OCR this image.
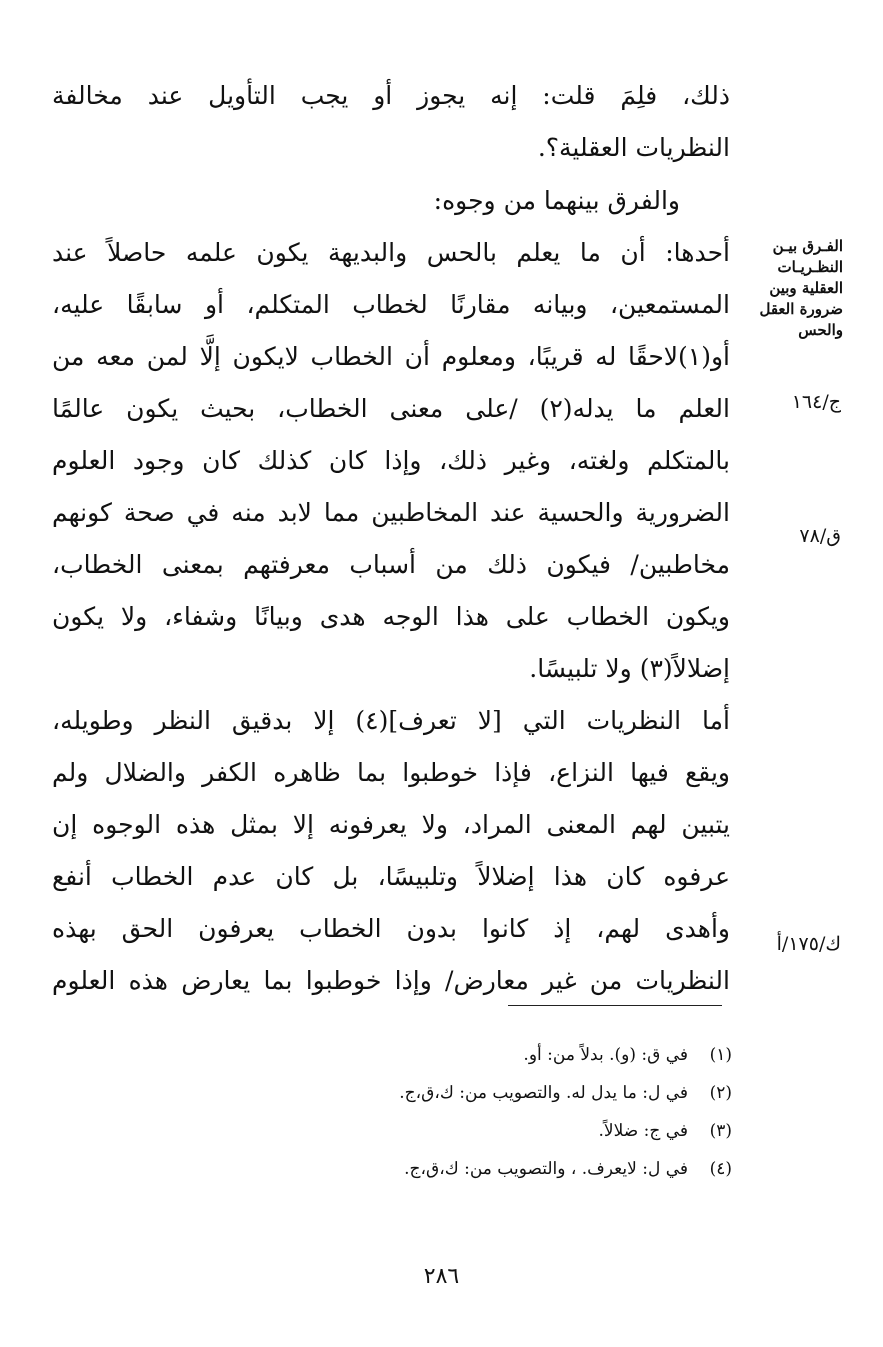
ذلك، فلِمَ قلت: إنه يجوز أو يجب التأويل عند مخالفة
النظريات العقلية؟.
والفرق بينهما من وجوه:
أحدها: أن ما يعلم بالحس والبديهة يكون علمه حاصلاً عند
المستمعين، وبيانه مقارنًا لخطاب المتكلم، أو سابقًا عليه،
أو(١)لاحقًا له قريبًا، ومعلوم أن الخطاب لايكون إلَّا لمن معه من
العلم ما يدله(٢) /على معنى الخطاب، بحيث يكون عالمًا
بالمتكلم ولغته، وغير ذلك، وإذا كان كذلك كان وجود العلوم
الضرورية والحسية عند المخاطبين مما لابد منه في صحة كونهم
مخاطبين/ فيكون ذلك من أسباب معرفتهم بمعنى الخطاب،
ويكون الخطاب على هذا الوجه هدى وبيانًا وشفاء، ولا يكون
إضلالاً(٣) ولا تلبيسًا.
أما النظريات التي [لا تعرف](٤) إلا بدقيق النظر وطويله،
ويقع فيها النزاع، فإذا خوطبوا بما ظاهره الكفر والضلال ولم
يتبين لهم المعنى المراد، ولا يعرفونه إلا بمثل هذه الوجوه إن
عرفوه كان هذا إضلالاً وتلبيسًا، بل كان عدم الخطاب أنفع
وأهدى لهم، إذ كانوا بدون الخطاب يعرفون الحق بهذه
النظريات من غير معارض/ وإذا خوطبوا بما يعارض هذه العلوم
الفـرق بيـن
النظـريـات
العقلية وبين
ضرورة العقل
والحس
ج/١٦٤
ق/٧٨
ك/١٧٥/أ
(١)في ق: (و). بدلاً من: أو.
(٢)في ل: ما يدل له. والتصويب من: ك،ق،ج.
(٣)في ج: ضلالاً.
(٤)في ل: لايعرف. ، والتصويب من: ك،ق،ج.
٢٨٦
